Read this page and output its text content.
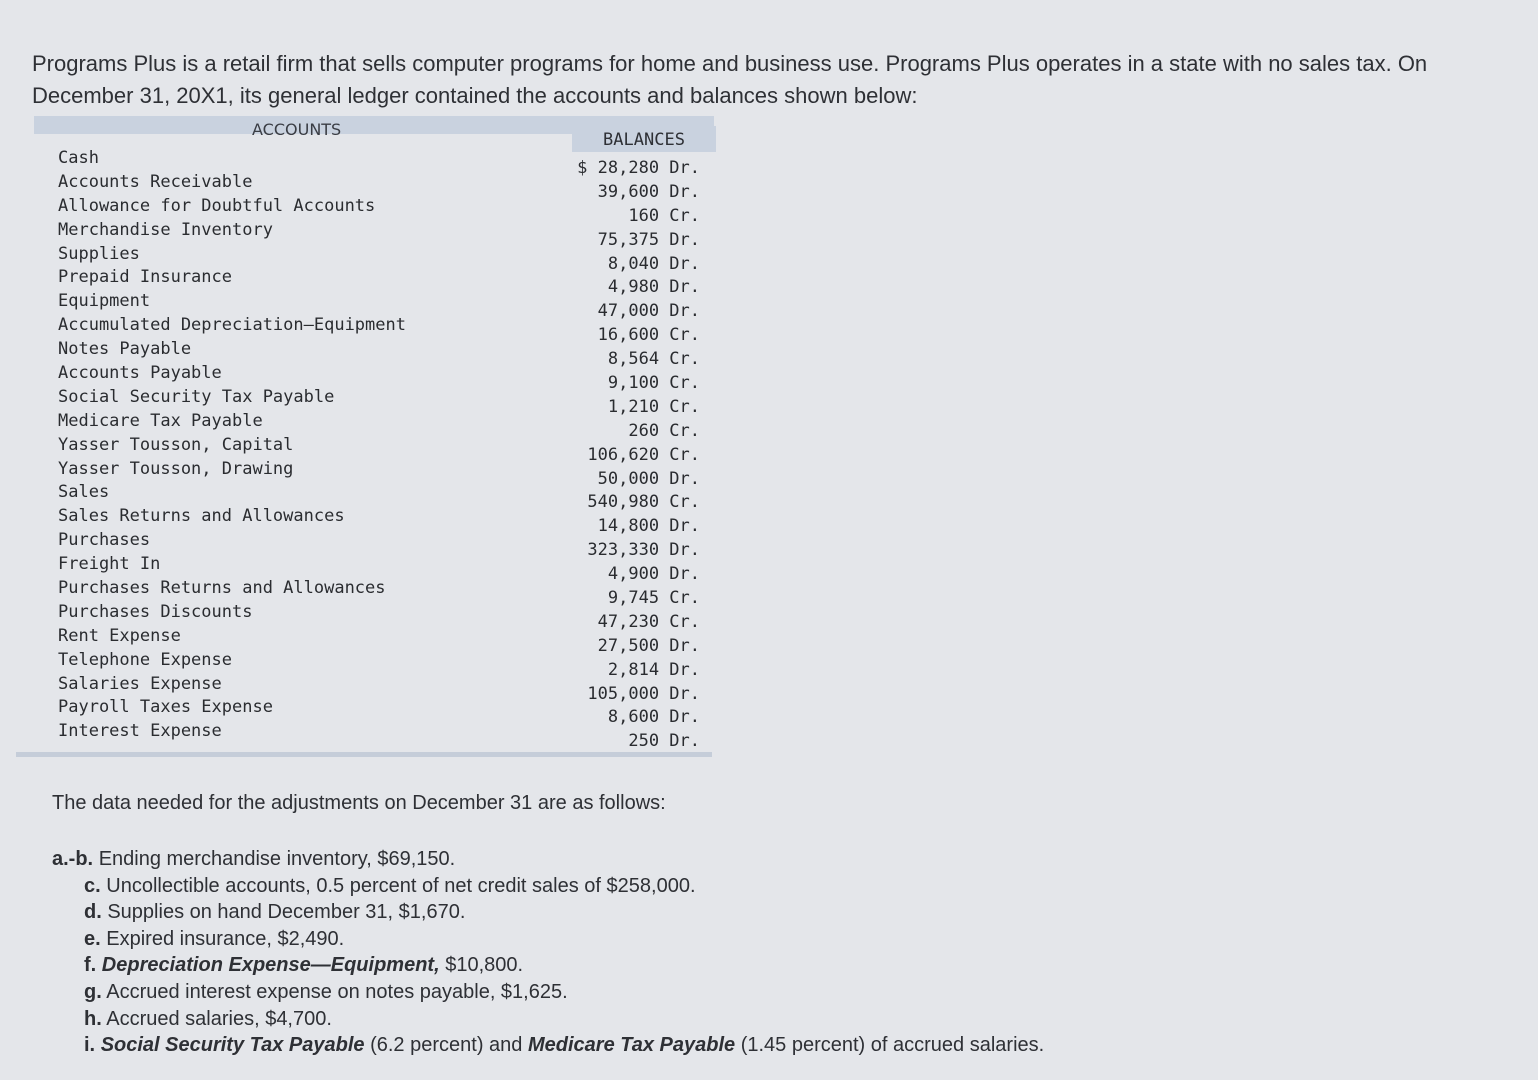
Programs Plus is a retail firm that sells computer programs for home and business use. Programs Plus operates in a state with no sales tax. On December 31, 20X1, its general ledger contained the accounts and balances shown below:

ACCOUNTS
BALANCES
Cash	$ 28,280 Dr.
Accounts Receivable	39,600 Dr.
Allowance for Doubtful Accounts	160 Cr.
Merchandise Inventory	75,375 Dr.
Supplies	8,040 Dr.
Prepaid Insurance	4,980 Dr.
Equipment	47,000 Dr.
Accumulated Depreciation–Equipment	16,600 Cr.
Notes Payable	8,564 Cr.
Accounts Payable	9,100 Cr.
Social Security Tax Payable	1,210 Cr.
Medicare Tax Payable	260 Cr.
Yasser Tousson, Capital	106,620 Cr.
Yasser Tousson, Drawing	50,000 Dr.
Sales	540,980 Cr.
Sales Returns and Allowances	14,800 Dr.
Purchases	323,330 Dr.
Freight In	4,900 Dr.
Purchases Returns and Allowances	9,745 Cr.
Purchases Discounts	47,230 Cr.
Rent Expense	27,500 Dr.
Telephone Expense	2,814 Dr.
Salaries Expense	105,000 Dr.
Payroll Taxes Expense	8,600 Dr.
Interest Expense	250 Dr.
The data needed for the adjustments on December 31 are as follows:
a.-b. Ending merchandise inventory, $69,150.
c. Uncollectible accounts, 0.5 percent of net credit sales of $258,000.
d. Supplies on hand December 31, $1,670.
e. Expired insurance, $2,490.
f. Depreciation Expense—Equipment, $10,800.
g. Accrued interest expense on notes payable, $1,625.
h. Accrued salaries, $4,700.
i. Social Security Tax Payable (6.2 percent) and Medicare Tax Payable (1.45 percent) of accrued salaries.
